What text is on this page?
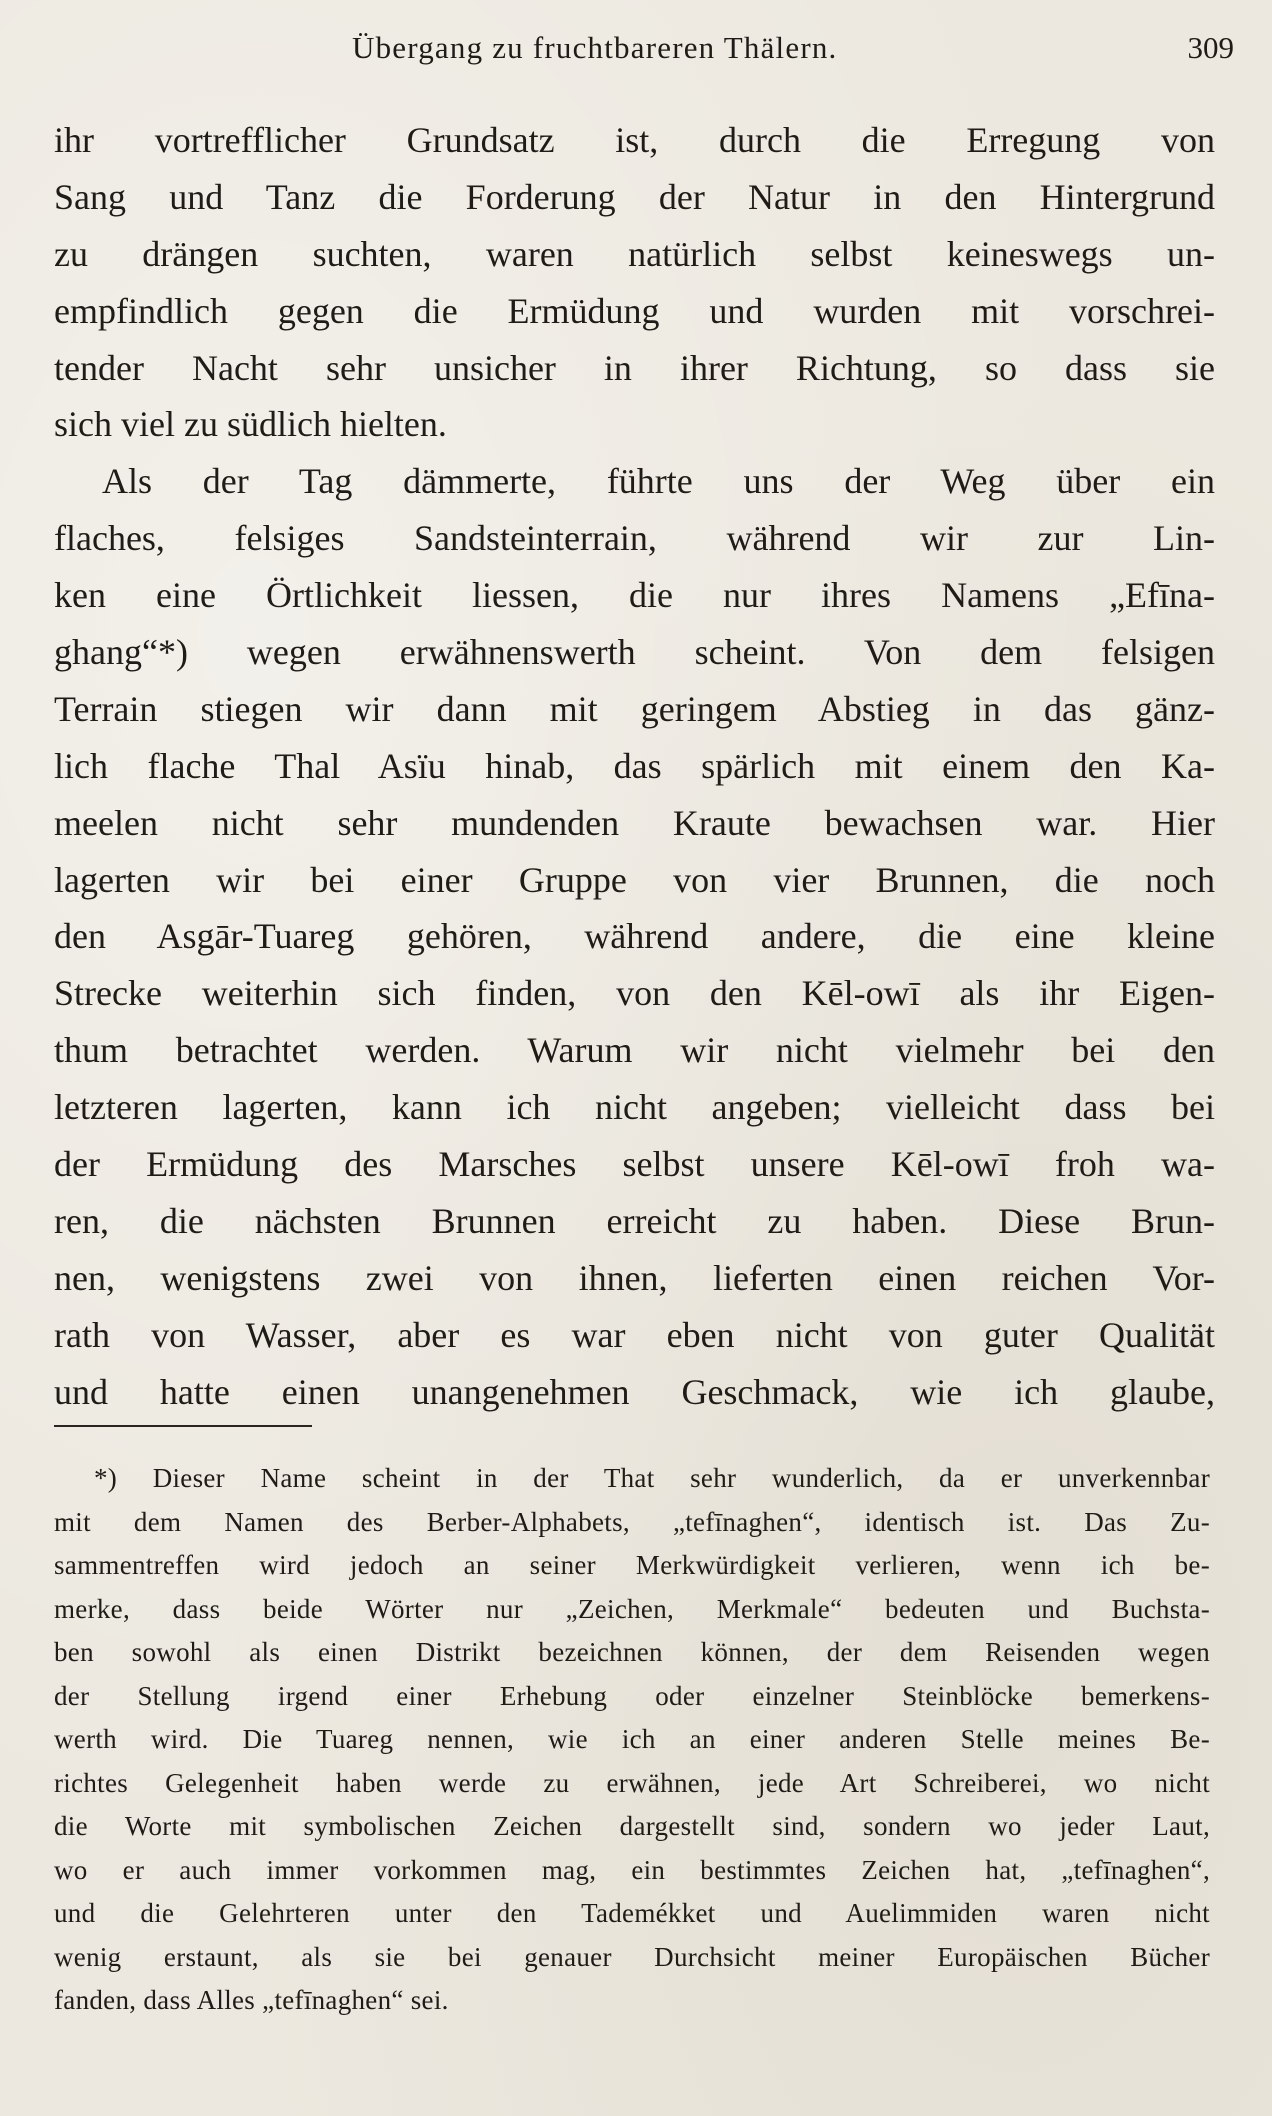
Übergang zu fruchtbareren Thälern.	309
ihr vortrefflicher Grundsatz ist, durch die Erregung von
Sang und Tanz die Forderung der Natur in den Hintergrund
zu drängen suchten, waren natürlich selbst keineswegs un-
empfindlich gegen die Ermüdung und wurden mit vorschrei-
tender Nacht sehr unsicher in ihrer Richtung, so dass sie
sich viel zu südlich hielten.
Als der Tag dämmerte, führte uns der Weg über ein
flaches, felsiges Sandsteinterrain, während wir zur Lin-
ken eine Örtlichkeit liessen, die nur ihres Namens „Efīna-
ghang“*) wegen erwähnenswerth scheint. Von dem felsigen
Terrain stiegen wir dann mit geringem Abstieg in das gänz-
lich flache Thal Asïu hinab, das spärlich mit einem den Ka-
meelen nicht sehr mundenden Kraute bewachsen war. Hier
lagerten wir bei einer Gruppe von vier Brunnen, die noch
den Asgār-Tuareg gehören, während andere, die eine kleine
Strecke weiterhin sich finden, von den Kēl-owī als ihr Eigen-
thum betrachtet werden. Warum wir nicht vielmehr bei den
letzteren lagerten, kann ich nicht angeben; vielleicht dass bei
der Ermüdung des Marsches selbst unsere Kēl-owī froh wa-
ren, die nächsten Brunnen erreicht zu haben. Diese Brun-
nen, wenigstens zwei von ihnen, lieferten einen reichen Vor-
rath von Wasser, aber es war eben nicht von guter Qualität
und hatte einen unangenehmen Geschmack, wie ich glaube,
*) Dieser Name scheint in der That sehr wunderlich, da er unverkennbar
mit dem Namen des Berber-Alphabets, „tefīnaghen“, identisch ist. Das Zu-
sammentreffen wird jedoch an seiner Merkwürdigkeit verlieren, wenn ich be-
merke, dass beide Wörter nur „Zeichen, Merkmale“ bedeuten und Buchsta-
ben sowohl als einen Distrikt bezeichnen können, der dem Reisenden wegen
der Stellung irgend einer Erhebung oder einzelner Steinblöcke bemerkens-
werth wird. Die Tuareg nennen, wie ich an einer anderen Stelle meines Be-
richtes Gelegenheit haben werde zu erwähnen, jede Art Schreiberei, wo nicht
die Worte mit symbolischen Zeichen dargestellt sind, sondern wo jeder Laut,
wo er auch immer vorkommen mag, ein bestimmtes Zeichen hat, „tefīnaghen“,
und die Gelehrteren unter den Tademékket und Auelimmiden waren nicht
wenig erstaunt, als sie bei genauer Durchsicht meiner Europäischen Bücher
fanden, dass Alles „tefīnaghen“ sei.
